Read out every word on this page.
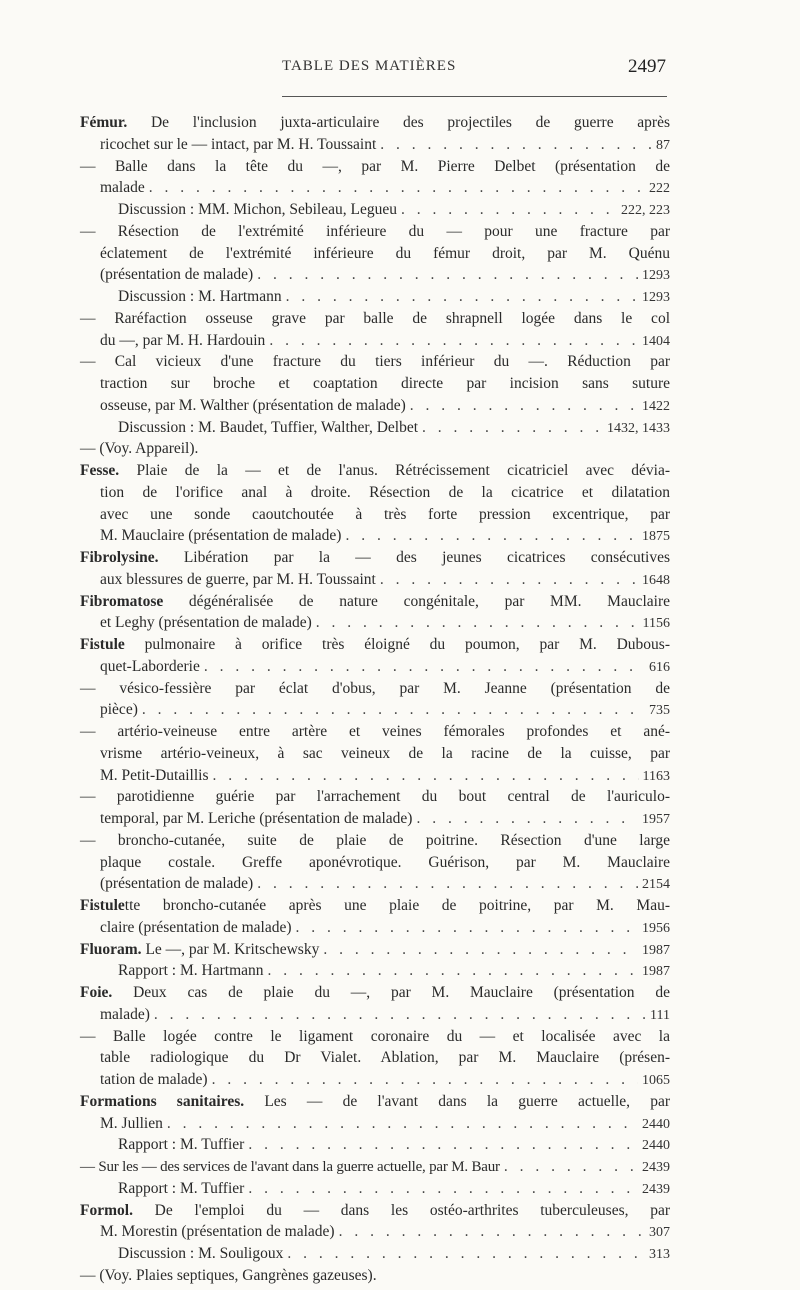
TABLE DES MATIÈRES	2497
Fémur. De l'inclusion juxta-articulaire des projectiles de guerre après
ricochet sur le — intact, par M. H. Toussaint . . .	87
— Balle dans la tête du —, par M. Pierre Delbet (présentation de
malade . . .	222
Discussion : MM. Michon, Sebileau, Legueu . . .	222, 223
— Résection de l'extrémité inférieure du — pour une fracture par
éclatement de l'extrémité inférieure du fémur droit, par M. Quénu
(présentation de malade) . . .	1293
Discussion : M. Hartmann . . .	1293
— Raréfaction osseuse grave par balle de shrapnell logée dans le col
du —, par M. H. Hardouin . . .	1404
— Cal vicieux d'une fracture du tiers inférieur du —. Réduction par
traction sur broche et coaptation directe par incision sans suture
osseuse, par M. Walther (présentation de malade) . . .	1422
Discussion : M. Baudet, Tuffier, Walther, Delbet . . .	1432, 1433
— (Voy. Appareil).
Fesse. Plaie de la — et de l'anus. Rétrécissement cicatriciel avec dévia-
tion de l'orifice anal à droite. Résection de la cicatrice et dilatation
avec une sonde caoutchoutée à très forte pression excentrique, par
M. Mauclaire (présentation de malade) . . .	1875
Fibrolysine. Libération par la — des jeunes cicatrices consécutives
aux blessures de guerre, par M. H. Toussaint . . .	1648
Fibromatose dégénéralisée de nature congénitale, par MM. Mauclaire
et Leghy (présentation de malade) . . .	1156
Fistule pulmonaire à orifice très éloigné du poumon, par M. Dubous-
quet-Laborderie . . .	616
— vésico-fessière par éclat d'obus, par M. Jeanne (présentation de
pièce) . . .	735
— artério-veineuse entre artère et veines fémorales profondes et ané-
vrisme artério-veineux, à sac veineux de la racine de la cuisse, par
M. Petit-Dutaillis . . .	1163
— parotidienne guérie par l'arrachement du bout central de l'auriculo-
temporal, par M. Leriche (présentation de malade) . . .	1957
— broncho-cutanée, suite de plaie de poitrine. Résection d'une large
plaque costale. Greffe aponévrotique. Guérison, par M. Mauclaire
(présentation de malade) . . .	2154
Fistulette broncho-cutanée après une plaie de poitrine, par M. Mau-
claire (présentation de malade) . . .	1956
Fluoram. Le —, par M. Kritschewsky . . .	1987
Rapport : M. Hartmann . . .	1987
Foie. Deux cas de plaie du —, par M. Mauclaire (présentation de
malade) . . .	111
— Balle logée contre le ligament coronaire du — et localisée avec la
table radiologique du Dr Vialet. Ablation, par M. Mauclaire (présen-
tation de malade) . . .	1065
Formations sanitaires. Les — de l'avant dans la guerre actuelle, par
M. Jullien . . .	2440
Rapport : M. Tuffier . . .	2440
— Sur les — des services de l'avant dans la guerre actuelle, par M. Baur . . .	2439
Rapport : M. Tuffier . . .	2439
Formol. De l'emploi du — dans les ostéo-arthrites tuberculeuses, par
M. Morestin (présentation de malade) . . .	307
Discussion : M. Souligoux . . .	313
— (Voy. Plaies septiques, Gangrènes gazeuses).
